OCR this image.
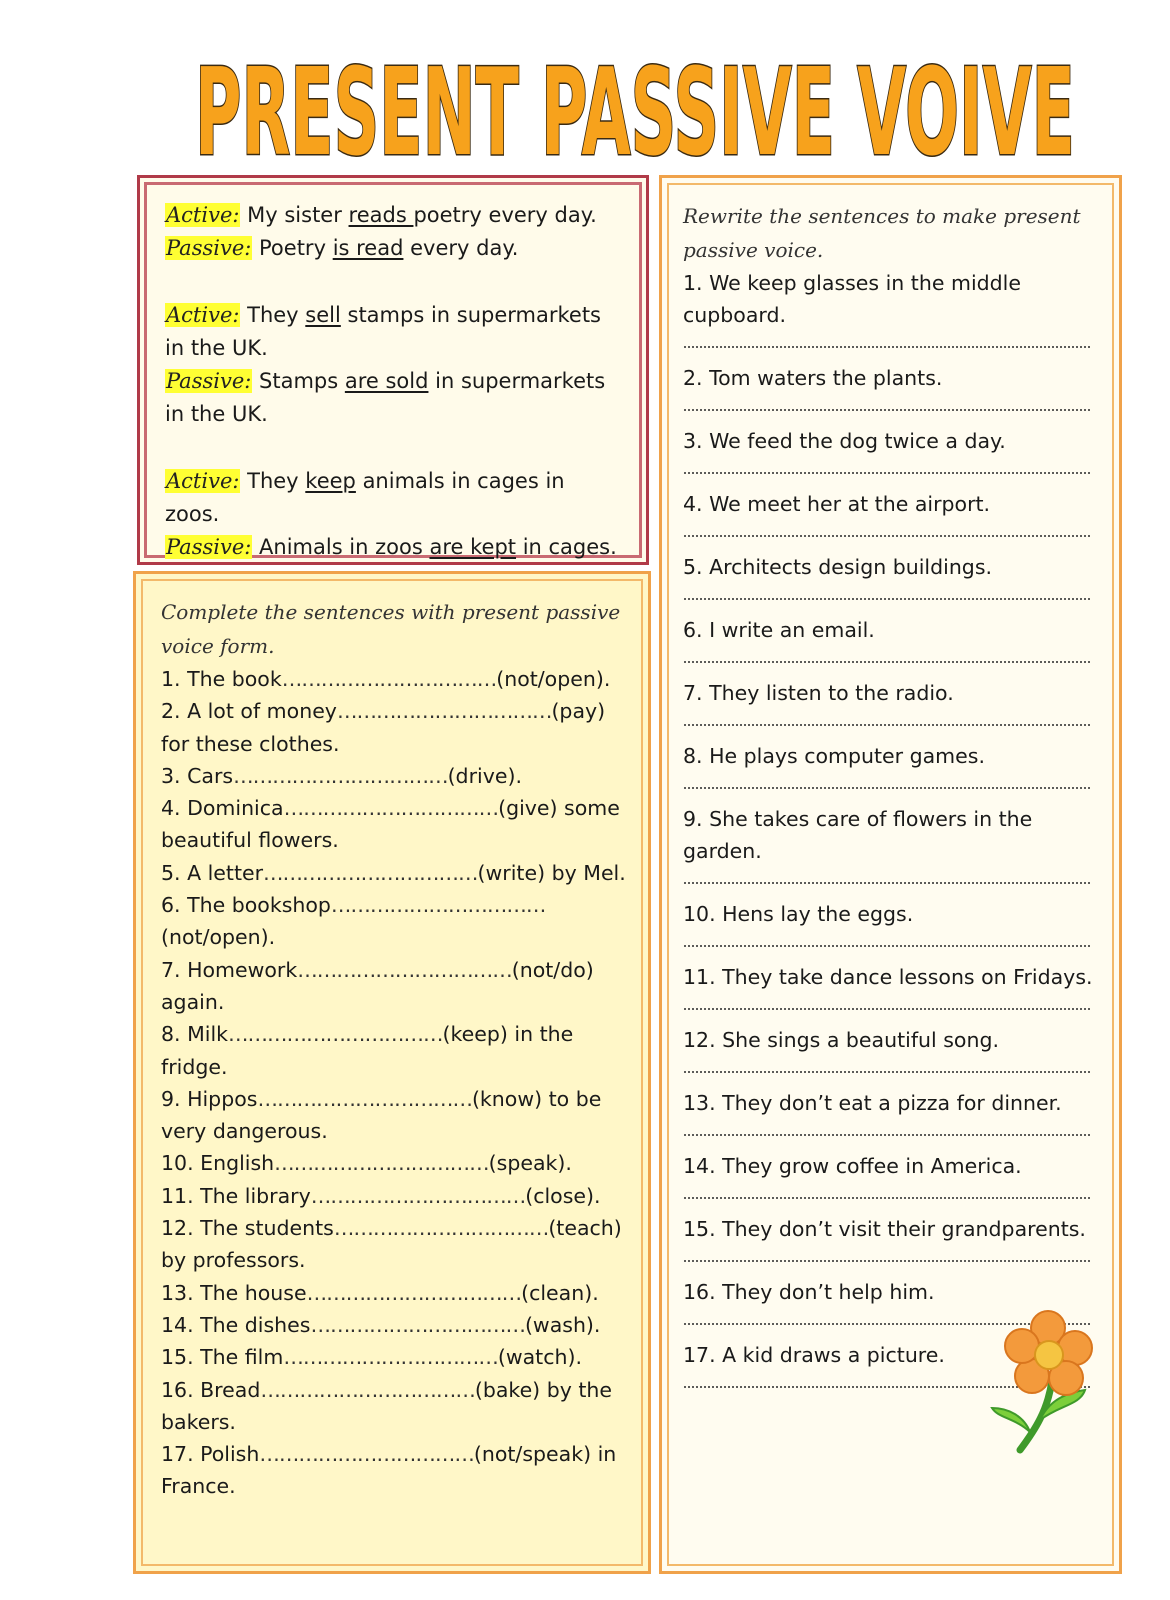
PRESENT PASSIVE VOIVE

Active: My sister reads poetry every day.

Passive: Poetry is read every day.

Active: They sell stamps in supermarkets in the UK.

Passive: Stamps are sold in supermarkets in the UK.

Active: They keep animals in cages in zoos.

Passive: Animals in zoos are kept in cages.

Complete the sentences with present passive voice form.

1. The book……………………………(not/open).

2. A lot of money……………………………(pay) for these clothes.

3. Cars……………………………(drive).

4. Dominica……………………………(give) some beautiful flowers.

5. A letter……………………………(write) by Mel.

6. The bookshop……………………………(not/open).

7. Homework……………………………(not/do) again.

8. Milk……………………………(keep) in the fridge.

9. Hippos……………………………(know) to be very dangerous.

10. English……………………………(speak).

11. The library……………………………(close).

12. The students……………………………(teach) by professors.

13. The house……………………………(clean).

14. The dishes……………………………(wash).

15. The film……………………………(watch).

16. Bread……………………………(bake) by the bakers.

17. Polish……………………………(not/speak) in France.

Rewrite the sentences to make present passive voice.

1. We keep glasses in the middle cupboard.

2. Tom waters the plants.

3. We feed the dog twice a day.

4. We meet her at the airport.

5. Architects design buildings.

6. I write an email.

7. They listen to the radio.

8. He plays computer games.

9. She takes care of flowers in the garden.

10. Hens lay the eggs.

11. They take dance lessons on Fridays.

12. She sings a beautiful song.

13. They don’t eat a pizza for dinner.

14. They grow coffee in America.

15. They don’t visit their grandparents.

16. They don’t help him.

17. A kid draws a picture.
